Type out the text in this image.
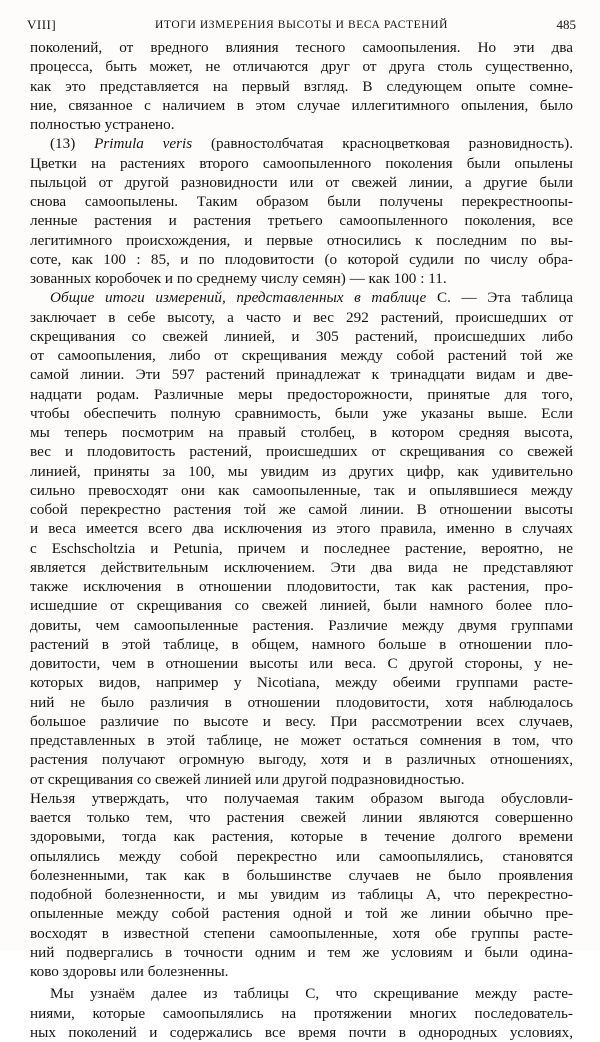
VIII]	ИТОГИ ИЗМЕРЕНИЯ ВЫСОТЫ И ВЕСА РАСТЕНИЙ	485

поколений, от вредного влияния тесного самоопыления. Но эти два

процесса, быть может, не отличаются друг от друга столь существенно,

как это представляется на первый взгляд. В следующем опыте сомне-

ние, связанное с наличием в этом случае иллегитимного опыления, было

полностью устранено.

(13) Primula veris (равностолбчатая красноцветковая разновидность).

Цветки на растениях второго самоопыленного поколения были опылены

пыльцой от другой разновидности или от свежей линии, а другие были

снова самоопылены. Таким образом были получены перекрестноопы-

ленные растения и растения третьего самоопыленного поколения, все

легитимного происхождения, и первые относились к последним по вы-

соте, как 100 : 85, и по плодовитости (о которой судили по числу обра-

зованных коробочек и по среднему числу семян) — как 100 : 11.

Общие итоги измерений, представленных в таблице С. — Эта таблица

заключает в себе высоту, а часто и вес 292 растений, происшедших от

скрещивания со свежей линией, и 305 растений, происшедших либо

от самоопыления, либо от скрещивания между собой растений той же

самой линии. Эти 597 растений принадлежат к тринадцати видам и две-

надцати родам. Различные меры предосторожности, принятые для того,

чтобы обеспечить полную сравнимость, были уже указаны выше. Если

мы теперь посмотрим на правый столбец, в котором средняя высота,

вес и плодовитость растений, происшедших от скрещивания со свежей

линией, приняты за 100, мы увидим из других цифр, как удивительно

сильно превосходят они как самоопыленные, так и опылявшиеся между

собой перекрестно растения той же самой линии. В отношении высоты

и веса имеется всего два исключения из этого правила, именно в случаях

с Eschscholtzia и Petunia, причем и последнее растение, вероятно, не

является действительным исключением. Эти два вида не представляют

также исключения в отношении плодовитости, так как растения, про-

исшедшие от скрещивания со свежей линией, были намного более пло-

довиты, чем самоопыленные растения. Различие между двумя группами

растений в этой таблице, в общем, намного больше в отношении пло-

довитости, чем в отношении высоты или веса. С другой стороны, у не-

которых видов, например у Nicotiana, между обеими группами расте-

ний не было различия в отношении плодовитости, хотя наблюдалось

большое различие по высоте и весу. При рассмотрении всех случаев,

представленных в этой таблице, не может остаться сомнения в том, что

растения получают огромную выгоду, хотя и в различных отношениях,

от скрещивания со свежей линией или другой подразновидностью.

Нельзя утверждать, что получаемая таким образом выгода обусловли-

вается только тем, что растения свежей линии являются совершенно

здоровыми, тогда как растения, которые в течение долгого времени

опылялись между собой перекрестно или самоопылялись, становятся

болезненными, так как в большинстве случаев не было проявления

подобной болезненности, и мы увидим из таблицы А, что перекрестно-

опыленные между собой растения одной и той же линии обычно пре-

восходят в известной степени самоопыленные, хотя обе группы расте-

ний подвергались в точности одним и тем же условиям и были одина-

ково здоровы или болезненны.

Мы узнаём далее из таблицы С, что скрещивание между расте-

ниями, которые самоопылялись на протяжении многих последователь-

ных поколений и содержались все время почти в однородных условиях,
